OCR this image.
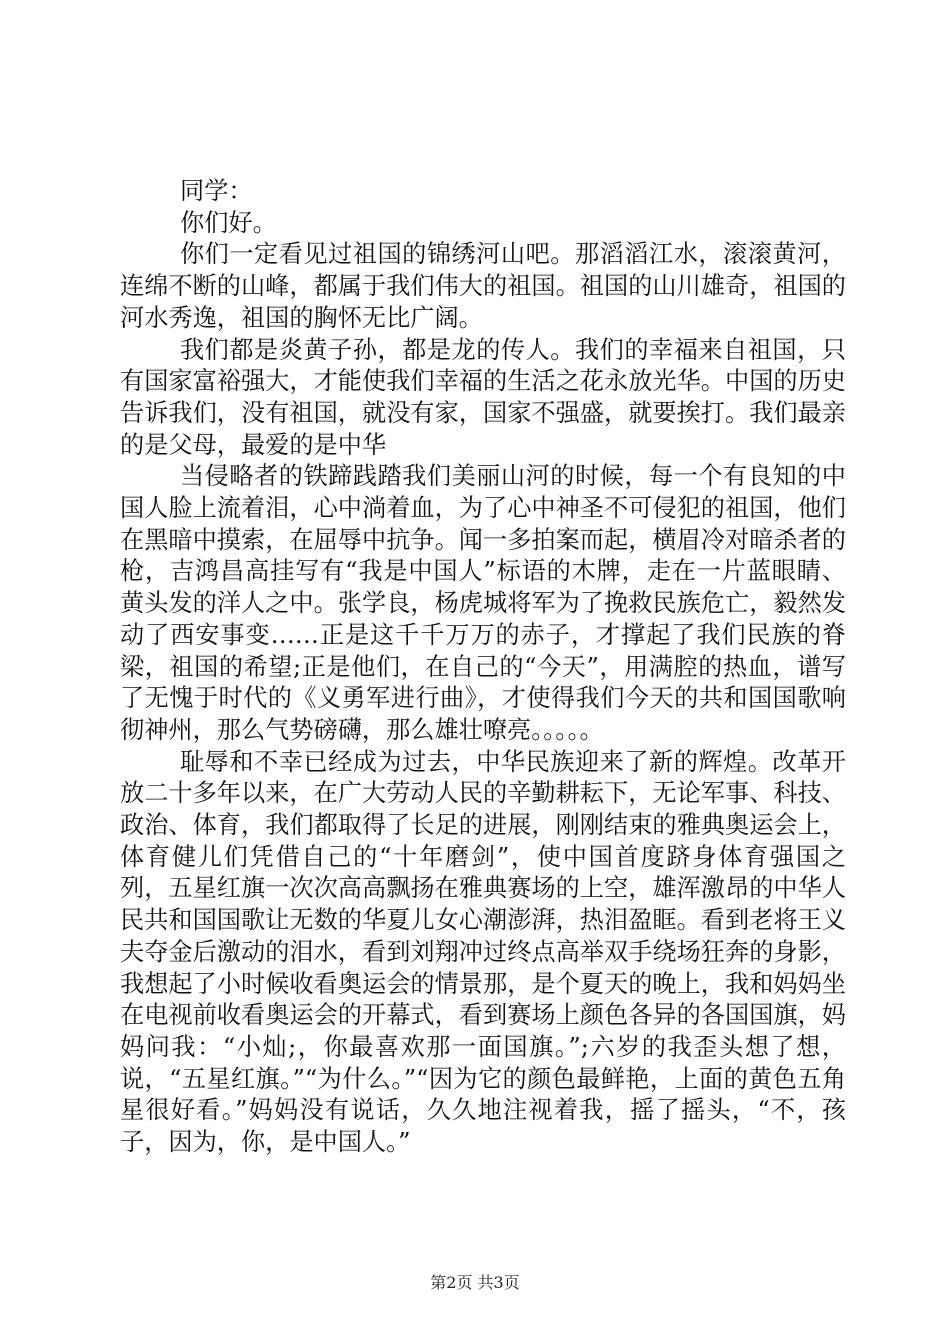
同学：

你们好。

你们一定看见过祖国的锦绣河山吧。那滔滔江水，滚滚黄河，连绵不断的山峰，都属于我们伟大的祖国。祖国的山川雄奇，祖国的河水秀逸，祖国的胸怀无比广阔。

我们都是炎黄子孙，都是龙的传人。我们的幸福来自祖国，只有国家富裕强大，才能使我们幸福的生活之花永放光华。中国的历史告诉我们，没有祖国，就没有家，国家不强盛，就要挨打。我们最亲的是父母，最爱的是中华

当侵略者的铁蹄践踏我们美丽山河的时候，每一个有良知的中国人脸上流着泪，心中淌着血，为了心中神圣不可侵犯的祖国，他们在黑暗中摸索，在屈辱中抗争。闻一多拍案而起，横眉冷对暗杀者的枪，吉鸿昌高挂写有“我是中国人”标语的木牌，走在一片蓝眼睛、黄头发的洋人之中。张学良，杨虎城将军为了挽救民族危亡，毅然发动了西安事变……正是这千千万万的赤子，才撑起了我们民族的脊梁，祖国的希望;正是他们，在自己的“今天”，用满腔的热血，谱写了无愧于时代的《义勇军进行曲》，才使得我们今天的共和国国歌响彻神州，那么气势磅礴，那么雄壮嘹亮。。。。。

耻辱和不幸已经成为过去，中华民族迎来了新的辉煌。改革开放二十多年以来，在广大劳动人民的辛勤耕耘下，无论军事、科技、政治、体育，我们都取得了长足的进展，刚刚结束的雅典奥运会上，体育健儿们凭借自己的“十年磨剑”，使中国首度跻身体育强国之列，五星红旗一次次高高飘扬在雅典赛场的上空，雄浑激昂的中华人民共和国国歌让无数的华夏儿女心潮澎湃，热泪盈眶。看到老将王义夫夺金后激动的泪水，看到刘翔冲过终点高举双手绕场狂奔的身影，我想起了小时候收看奥运会的情景那，是个夏天的晚上，我和妈妈坐在电视前收看奥运会的开幕式，看到赛场上颜色各异的各国国旗，妈妈问我：“小灿;，你最喜欢那一面国旗。”;六岁的我歪头想了想，说，“五星红旗。”“为什么。”“因为它的颜色最鲜艳，上面的黄色五角星很好看。”妈妈没有说话，久久地注视着我，摇了摇头，“不，孩子，因为，你，是中国人。”

第2页 共3页
